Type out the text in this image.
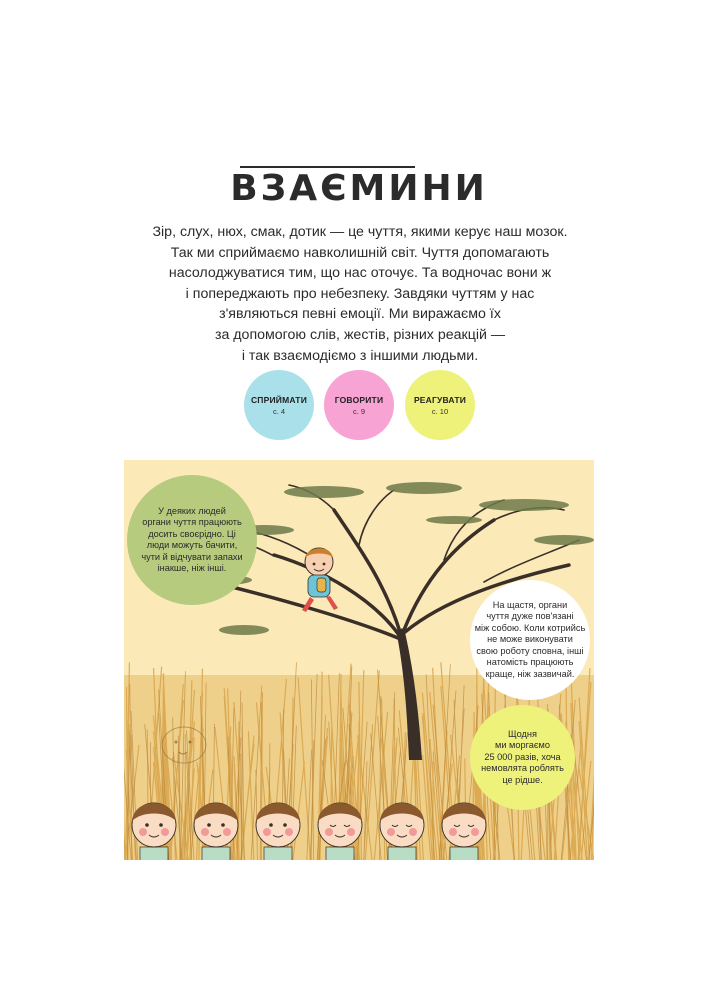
ВЗАЄМИНИ

Зір, слух, нюх, смак, дотик — це чуття, якими керує наш мозок.

Так ми сприймаємо навколишній світ. Чуття допомагають

насолоджуватися тим, що нас оточує. Та водночас вони ж

і попереджають про небезпеку. Завдяки чуттям у нас

з'являються певні емоції. Ми виражаємо їх

за допомогою слів, жестів, різних реакцій —

і так взаємодіємо з іншими людьми.

СПРИЙМАТИ
с. 4
ГОВОРИТИ
с. 9
РЕАГУВАТИ
с. 10
У деяких людей
органи чуття працюють
досить своєрідно. Ці
люди можуть бачити,
чути й відчувати запахи
інакше, ніж інші.
На щастя, органи
чуття дуже пов'язані
між собою. Коли котрийсь
не може виконувати
свою роботу сповна, інші
натомість працюють
краще, ніж зазвичай.
Щодня
ми моргаємо
25 000 разів, хоча
немовлята роблять
це рідше.
